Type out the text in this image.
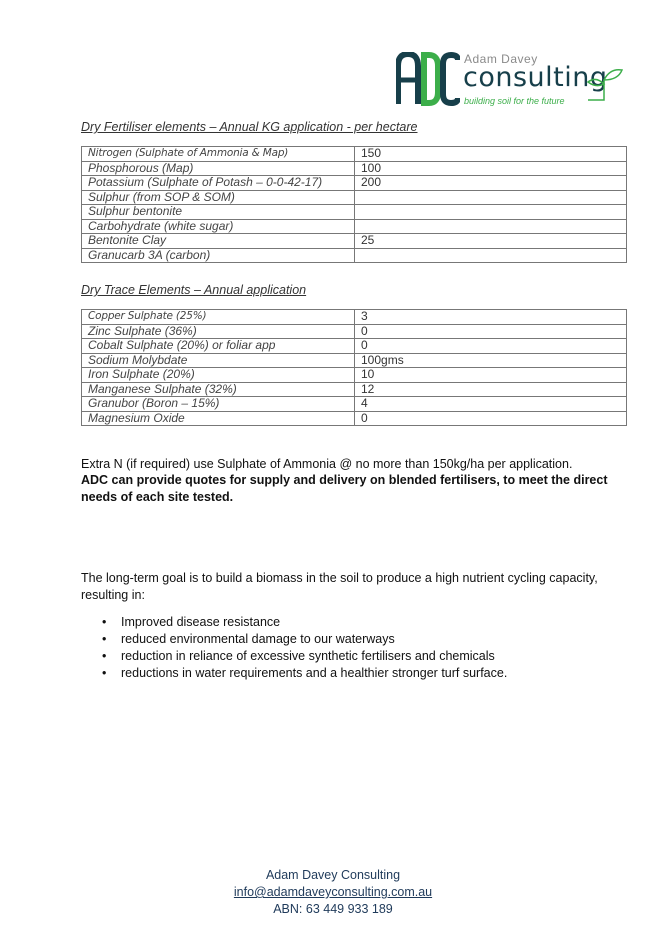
Adam Davey
consulting
building soil for the future
Dry Fertiliser elements – Annual KG application - per hectare
Nitrogen (Sulphate of Ammonia & Map)	150
Phosphorous (Map)	100
Potassium (Sulphate of Potash – 0-0-42-17)	200
Sulphur (from SOP & SOM)	
Sulphur bentonite	
Carbohydrate (white sugar)	
Bentonite Clay	25
Granucarb 3A (carbon)	
Dry Trace Elements – Annual application
Copper Sulphate (25%)	3
Zinc Sulphate (36%)	0
Cobalt Sulphate (20%) or foliar app	0
Sodium Molybdate	100gms
Iron Sulphate (20%)	10
Manganese Sulphate (32%)	12
Granubor (Boron – 15%)	4
Magnesium Oxide	0
Extra N (if required) use Sulphate of Ammonia @ no more than 150kg/ha per application.
ADC can provide quotes for supply and delivery on blended fertilisers, to meet the direct needs of each site tested.
The long-term goal is to build a biomass in the soil to produce a high nutrient cycling capacity, resulting in:
• Improved disease resistance
• reduced environmental damage to our waterways
• reduction in reliance of excessive synthetic fertilisers and chemicals
• reductions in water requirements and a healthier stronger turf surface.
Adam Davey Consulting
info@adamdaveyconsulting.com.au
ABN: 63 449 933 189
